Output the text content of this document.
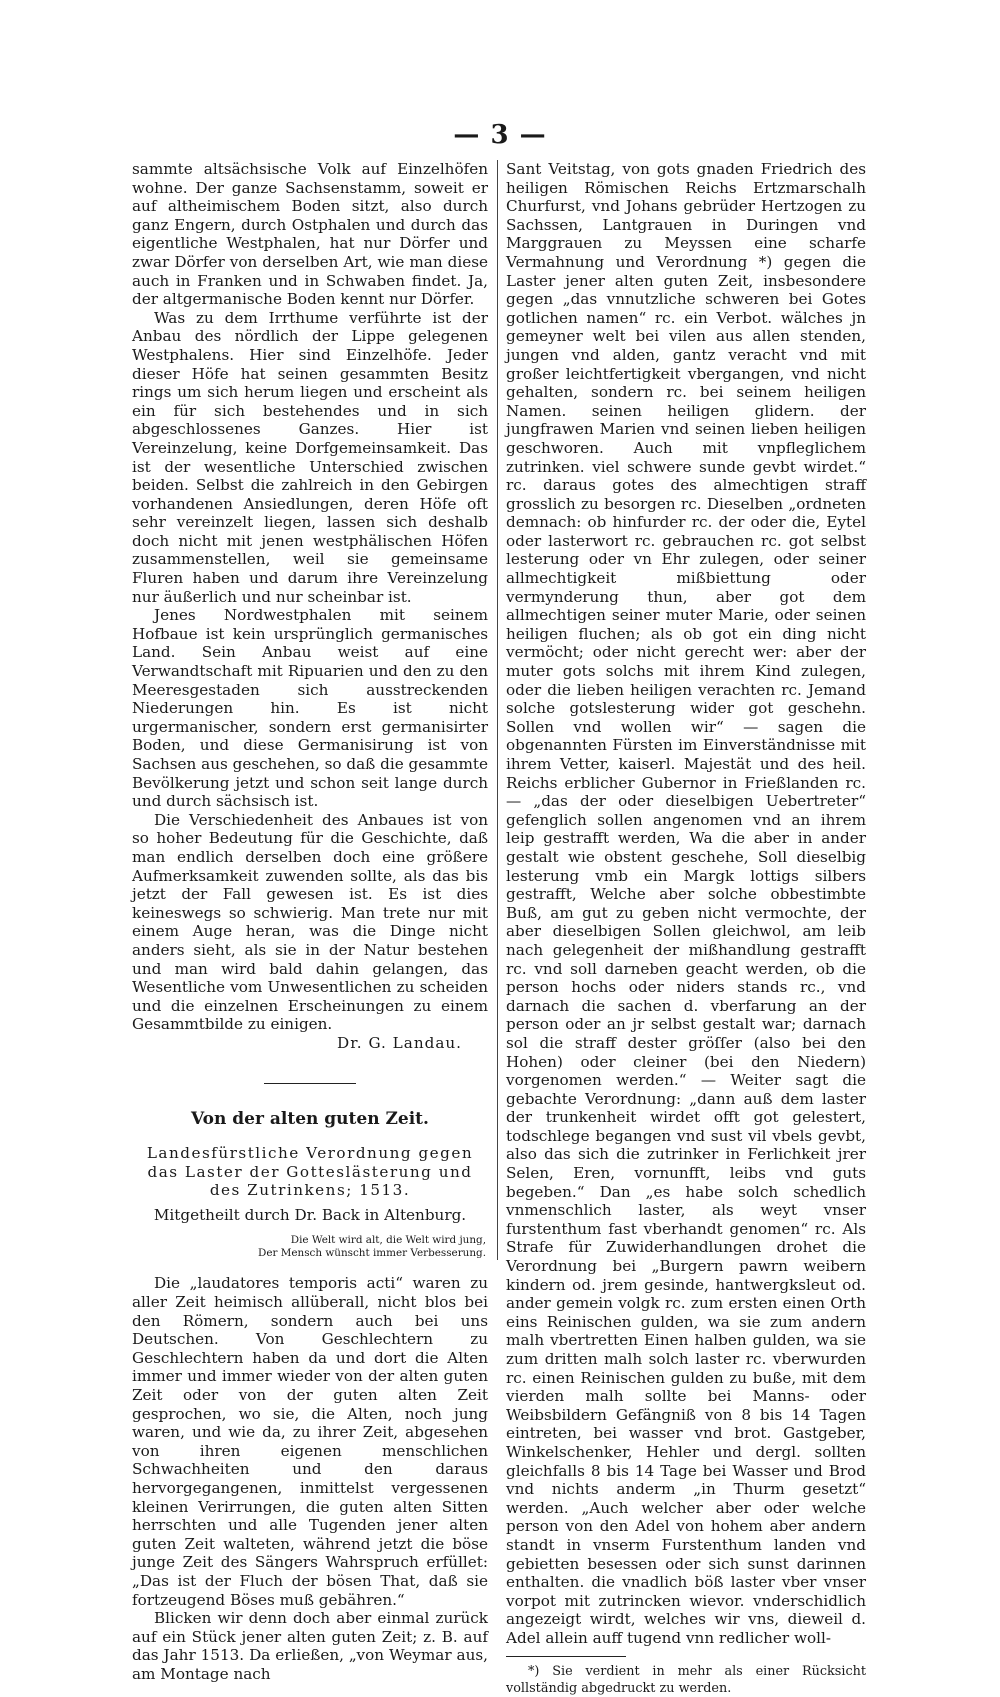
— 3 —

sammte altsächsische Volk auf Einzelhöfen wohne. Der ganze Sachsenstamm, soweit er auf altheimischem Boden sitzt, also durch ganz Engern, durch Ostphalen und durch das eigentliche Westphalen, hat nur Dörfer und zwar Dörfer von derselben Art, wie man diese auch in Franken und in Schwaben findet. Ja, der altgermanische Boden kennt nur Dörfer.

Was zu dem Irrthume verführte ist der Anbau des nördlich der Lippe gelegenen Westphalens. Hier sind Einzelhöfe. Jeder dieser Höfe hat seinen gesammten Besitz rings um sich herum liegen und erscheint als ein für sich bestehendes und in sich abgeschlossenes Ganzes. Hier ist Vereinzelung, keine Dorfgemeinsamkeit. Das ist der wesentliche Unterschied zwischen beiden. Selbst die zahlreich in den Gebirgen vorhandenen Ansiedlungen, deren Höfe oft sehr vereinzelt liegen, lassen sich deshalb doch nicht mit jenen westphälischen Höfen zusammenstellen, weil sie gemeinsame Fluren haben und darum ihre Vereinzelung nur äußerlich und nur scheinbar ist.

Jenes Nordwestphalen mit seinem Hofbaue ist kein ursprünglich germanisches Land. Sein Anbau weist auf eine Verwandtschaft mit Ripuarien und den zu den Meeresgestaden sich ausstreckenden Niederungen hin. Es ist nicht urgermanischer, sondern erst germanisirter Boden, und diese Germanisirung ist von Sachsen aus geschehen, so daß die gesammte Bevölkerung jetzt und schon seit lange durch und durch sächsisch ist.

Die Verschiedenheit des Anbaues ist von so hoher Bedeutung für die Geschichte, daß man endlich derselben doch eine größere Aufmerksamkeit zuwenden sollte, als das bis jetzt der Fall gewesen ist. Es ist dies keineswegs so schwierig. Man trete nur mit einem Auge heran, was die Dinge nicht anders sieht, als sie in der Natur bestehen und man wird bald dahin gelangen, das Wesentliche vom Unwesentlichen zu scheiden und die einzelnen Erscheinungen zu einem Gesammtbilde zu einigen.

Dr. G. Landau.
Von der alten guten Zeit.
Landesfürstliche Verordnung gegen das Laster der Gotteslästerung und des Zutrinkens; 1513.
Mitgetheilt durch Dr. Back in Altenburg.
Die Welt wird alt, die Welt wird jung,
Der Mensch wünscht immer Verbesserung.

Die „laudatores temporis acti“ waren zu aller Zeit heimisch allüberall, nicht blos bei den Römern, sondern auch bei uns Deutschen. Von Geschlechtern zu Geschlechtern haben da und dort die Alten immer und immer wieder von der alten guten Zeit oder von der guten alten Zeit gesprochen, wo sie, die Alten, noch jung waren, und wie da, zu ihrer Zeit, abgesehen von ihren eigenen menschlichen Schwachheiten und den daraus hervorgegangenen, inmittelst vergessenen kleinen Verirrungen, die guten alten Sitten herrschten und alle Tugenden jener alten guten Zeit walteten, während jetzt die böse junge Zeit des Sängers Wahrspruch erfüllet: „Das ist der Fluch der bösen That, daß sie fortzeugend Böses muß gebähren.“

Blicken wir denn doch aber einmal zurück auf ein Stück jener alten guten Zeit; z. B. auf das Jahr 1513. Da erließen, „von Weymar aus, am Montage nach

Sant Veitstag, von gots gnaden Friedrich des heiligen Römischen Reichs Ertzmarschalh Churfurst, vnd Johans gebrüder Hertzogen zu Sachssen, Lantgrauen in Duringen vnd Marggrauen zu Meyssen eine scharfe Vermahnung und Verordnung *) gegen die Laster jener alten guten Zeit, insbesondere gegen „das vnnutzliche schweren bei Gotes gotlichen namen“ rc. ein Verbot. wälches jn gemeyner welt bei vilen aus allen stenden, jungen vnd alden, gantz veracht vnd mit großer leichtfertigkeit vbergangen, vnd nicht gehalten, sondern rc. bei seinem heiligen Namen. seinen heiligen glidern. der jungfrawen Marien vnd seinen lieben heiligen geschworen. Auch mit vnpfleglichem zutrinken. viel schwere sunde gevbt wirdet.“ rc. daraus gotes des almechtigen straff grosslich zu besorgen rc. Dieselben „ordneten demnach: ob hinfurder rc. der oder die, Eytel oder lasterwort rc. gebrauchen rc. got selbst lesterung oder vn Ehr zulegen, oder seiner allmechtigkeit mißbiettung oder vermynderung thun, aber got dem allmechtigen seiner muter Marie, oder seinen heiligen fluchen; als ob got ein ding nicht vermöcht; oder nicht gerecht wer: aber der muter gots solchs mit ihrem Kind zulegen, oder die lieben heiligen verachten rc. Jemand solche gotslesterung wider got geschehn. Sollen vnd wollen wir“ — sagen die obgenannten Fürsten im Einverständnisse mit ihrem Vetter, kaiserl. Majestät und des heil. Reichs erblicher Gubernor in Frießlanden rc. — „das der oder dieselbigen Uebertreter“ gefenglich sollen angenomen vnd an ihrem leip gestrafft werden, Wa die aber in ander gestalt wie obstent geschehe, Soll dieselbig lesterung vmb ein Margk lottigs silbers gestrafft, Welche aber solche obbestimbte Buß, am gut zu geben nicht vermochte, der aber dieselbigen Sollen gleichwol, am leib nach gelegenheit der mißhandlung gestrafft rc. vnd soll darneben geacht werden, ob die person hochs oder niders stands rc., vnd darnach die sachen d. vberfarung an der person oder an jr selbst gestalt war; darnach sol die straff dester gröſſer (also bei den Hohen) oder cleiner (bei den Niedern) vorgenomen werden.“ — Weiter sagt die gebachte Verordnung: „dann auß dem laster der trunkenheit wirdet offt got gelestert, todschlege begangen vnd sust vil vbels gevbt, also das sich die zutrinker in Ferlichkeit jrer Selen, Eren, vornunfft, leibs vnd guts begeben.“ Dan „es habe solch schedlich vnmenschlich laster, als weyt vnser furstenthum fast vberhandt genomen“ rc. Als Strafe für Zuwiderhandlungen drohet die Verordnung bei „Burgern pawrn weibern kindern od. jrem gesinde, hantwergksleut od. ander gemein volgk rc. zum ersten einen Orth eins Reinischen gulden, wa sie zum andern malh vbertretten Einen halben gulden, wa sie zum dritten malh solch laster rc. vberwurden rc. einen Reinischen gulden zu buße, mit dem vierden malh sollte bei Manns- oder Weibsbildern Gefängniß von 8 bis 14 Tagen eintreten, bei wasser vnd brot. Gastgeber, Winkelschenker, Hehler und dergl. sollten gleichfalls 8 bis 14 Tage bei Wasser und Brod vnd nichts anderm „in Thurm gesetzt“ werden. „Auch welcher aber oder welche person von den Adel von hohem aber andern standt in vnserm Furstenthum landen vnd gebietten besessen oder sich sunst darinnen enthalten. die vnadlich böß laster vber vnser vorpot mit zutrincken wievor. vnderschidlich angezeigt wirdt, welches wir vns, dieweil d. Adel allein auff tugend vnn redlicher woll-

*) Sie verdient in mehr als einer Rücksicht vollständig abgedruckt zu werden.
